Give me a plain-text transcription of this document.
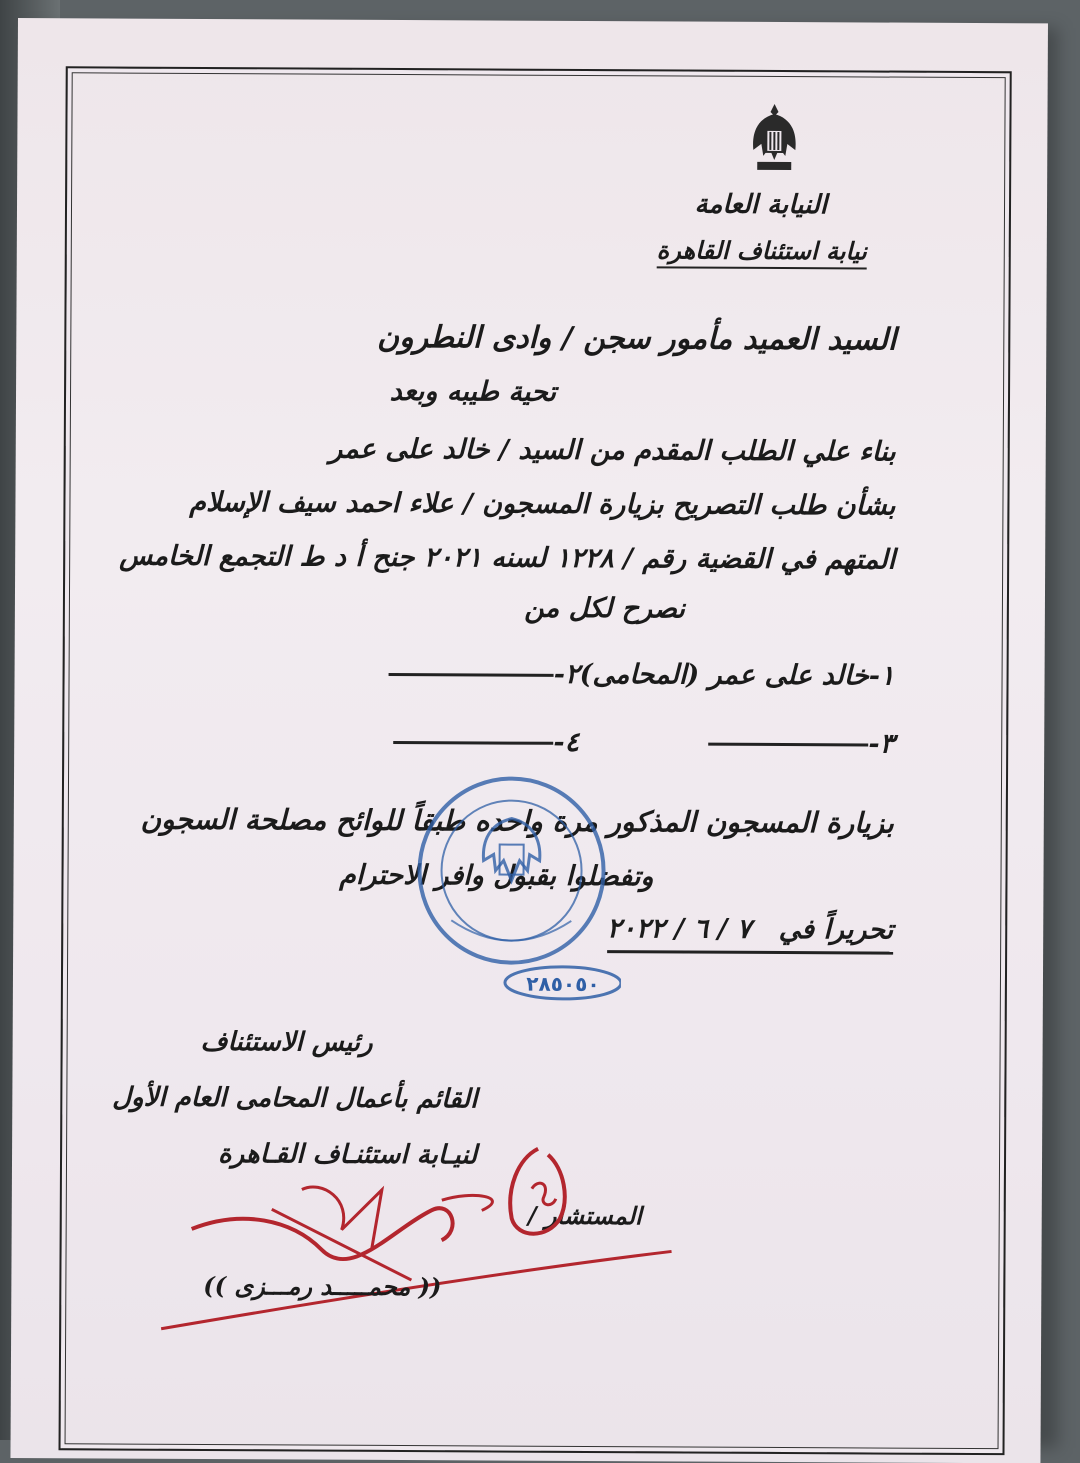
النيابة العامة
نيابة استئناف القاهرة
السيد العميد مأمور سجن / وادى النطرون
تحية طيبه وبعد
بناء علي الطلب المقدم من السيد / خالد على عمر
بشأن طلب التصريح بزيارة المسجون / علاء احمد سيف الإسلام
المتهم في القضية رقم / ١٢٢٨ لسنه ٢٠٢١ جنح أ د ط التجمع الخامس
نصرح لكل من
١-خالد على عمر (المحامى)
٢-
٣-
٤-
بزيارة المسجون المذكور مرة واحده طبقاً للوائح مصلحة السجون
وتفضلوا بقبول وافر الاحترام
تحريراً في ٧ / ٦ / ٢٠٢٢
٢٨٥٠٥٠
رئيس الاستئناف
القائم بأعمال المحامى العام الأول
لنيـابة استئنـاف القـاهرة
المستشار /
(( محمـــــد رمـــزى ))
